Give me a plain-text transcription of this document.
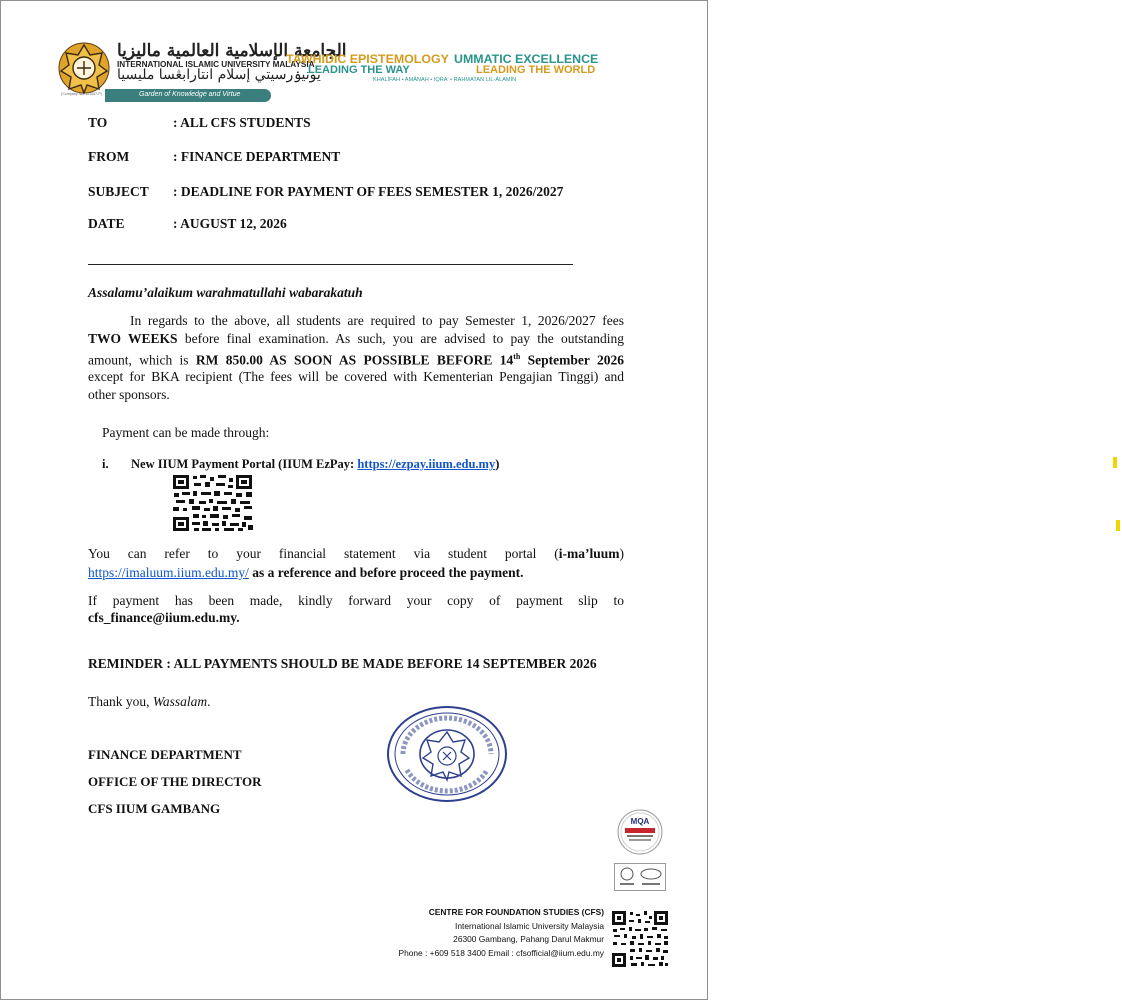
الجامعة الإسلامية العالمية ماليزيا
INTERNATIONAL ISLAMIC UNIVERSITY MALAYSIA
يونيۏرسيتي إسلام انتارابڠسا مليسيا
(Company No. 101067-P)	Garden of Knowledge and Virtue
TAWHIDIC EPISTEMOLOGY
LEADING THE WAY
UMMATIC EXCELLENCE
LEADING THE WORLD
KHALĪFAH • AMĀNAH • IQRA' • RAHMATAN LIL-ĀLAMĪN
TO	: ALL CFS STUDENTS
FROM	: FINANCE DEPARTMENT
SUBJECT : DEADLINE FOR PAYMENT OF FEES SEMESTER 1, 2026/2027
DATE	: AUGUST 12, 2026
Assalamu’alaikum warahmatullahi wabarakatuh
In regards to the above, all students are required to pay Semester 1, 2026/2027 fees
TWO WEEKS before final examination. As such, you are advised to pay the outstanding
amount, which is RM 850.00 AS SOON AS POSSIBLE BEFORE 14th September 2026
except for BKA recipient (The fees will be covered with Kementerian Pengajian Tinggi) and
other sponsors.
Payment can be made through:
i. New IIUM Payment Portal (IIUM EzPay: https://ezpay.iium.edu.my)
You can refer to your financial statement via student portal (i-ma’luum)
https://imaluum.iium.edu.my/ as a reference and before proceed the payment.
If payment has been made, kindly forward your copy of payment slip to
cfs_finance@iium.edu.my.
REMINDER : ALL PAYMENTS SHOULD BE MADE BEFORE 14 SEPTEMBER 2026
Thank you, Wassalam.
FINANCE DEPARTMENT
OFFICE OF THE DIRECTOR
CFS IIUM GAMBANG
MQA
CENTRE FOR FOUNDATION STUDIES (CFS)
International Islamic University Malaysia
26300 Gambang, Pahang Darul Makmur
Phone : +609 518 3400 Email : cfsofficial@iium.edu.my
